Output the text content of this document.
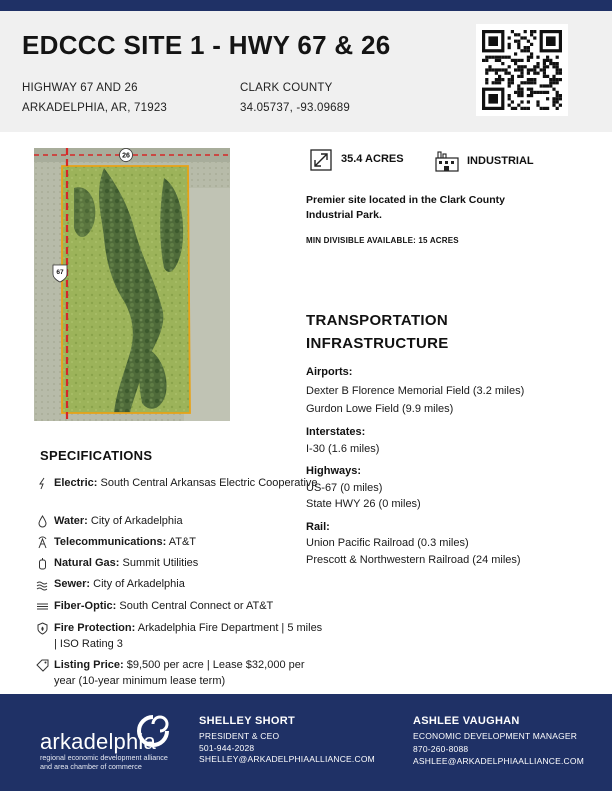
EDCCC SITE 1 - HWY 67 & 26
HIGHWAY 67 AND 26
ARKADELPHIA, AR, 71923
CLARK COUNTY
34.05737, -93.09689
26
67
35.4 ACRES	INDUSTRIAL
Premier site located in the Clark County Industrial Park.
MIN DIVISIBLE AVAILABLE: 15 ACRES
TRANSPORTATION INFRASTRUCTURE
Airports:
Dexter B Florence Memorial Field (3.2 miles)
Gurdon Lowe Field (9.9 miles)
Interstates:
I-30 (1.6 miles)
Highways:
US-67 (0 miles)
State HWY 26 (0 miles)
Rail:
Union Pacific Railroad (0.3 miles)
Prescott & Northwestern Railroad (24 miles)
SPECIFICATIONS
Electric: South Central Arkansas Electric Cooperative
Water: City of Arkadelphia
Telecommunications: AT&T
Natural Gas: Summit Utilities
Sewer: City of Arkadelphia
Fiber-Optic: South Central Connect or AT&T
Fire Protection: Arkadelphia Fire Department | 5 miles | ISO Rating 3
Listing Price: $9,500 per acre | Lease $32,000 per year (10-year minimum lease term)
arkadelphia
regional economic development alliance
and area chamber of commerce
SHELLEY SHORT
PRESIDENT & CEO
501-944-2028
SHELLEY@ARKADELPHIAALLIANCE.COM
ASHLEE VAUGHAN
ECONOMIC DEVELOPMENT MANAGER
870-260-8088
ASHLEE@ARKADELPHIAALLIANCE.COM
